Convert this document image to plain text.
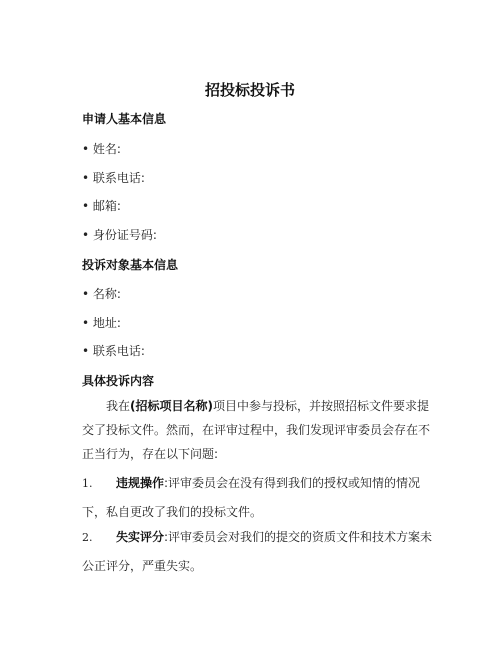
招投标投诉书
申请人基本信息
• 姓名:
• 联系电话:
• 邮箱:
• 身份证号码:
投诉对象基本信息
• 名称:
• 地址:
• 联系电话:
具体投诉内容
我在(招标项目名称)项目中参与投标，并按照招标文件要求提交了投标文件。然而，在评审过程中，我们发现评审委员会存在不正当行为，存在以下问题:
1. 违规操作:评审委员会在没有得到我们的授权或知情的情况下，私自更改了我们的投标文件。
2. 失实评分:评审委员会对我们的提交的资质文件和技术方案未公正评分，严重失实。
